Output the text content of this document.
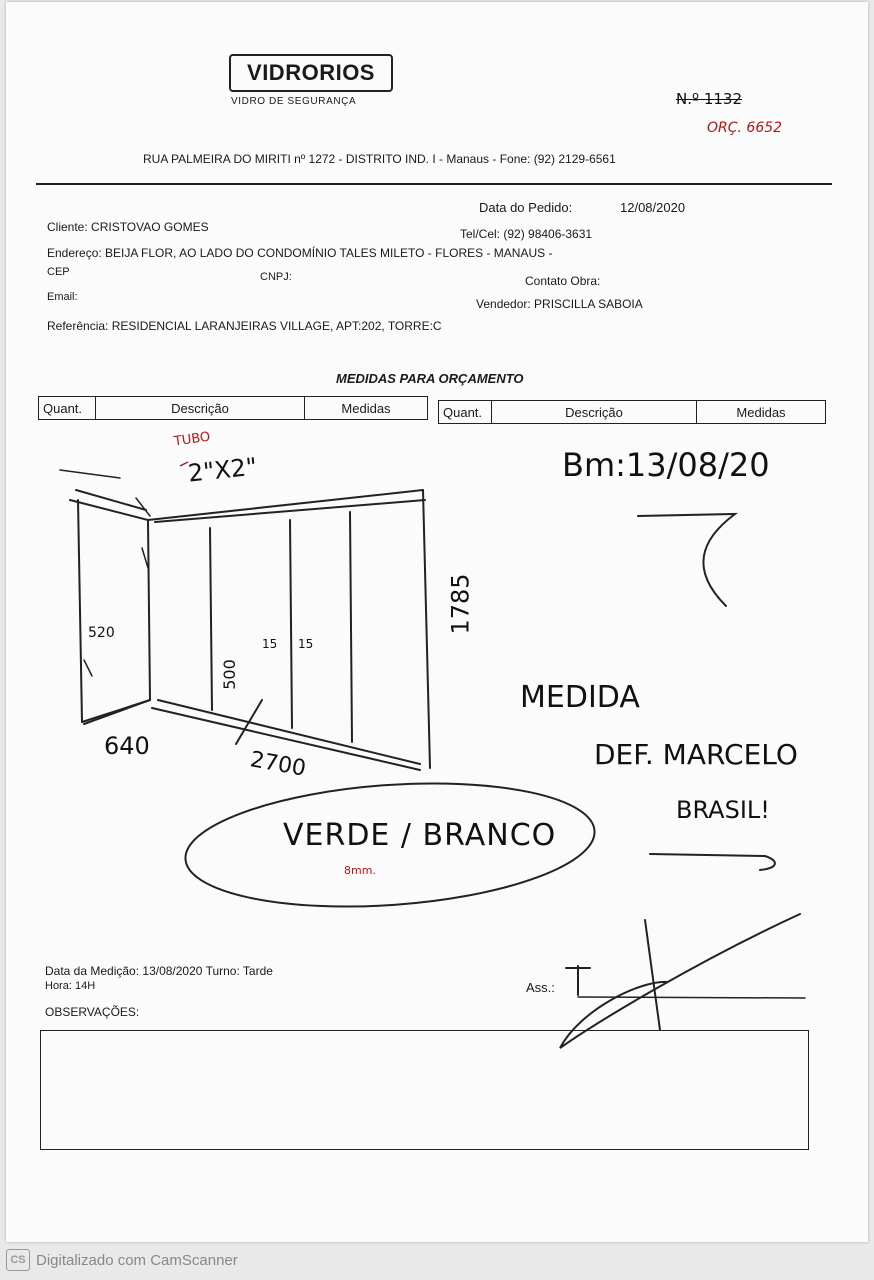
VIDRORIOS
VIDRO DE SEGURANÇA	N.º 1132
ORÇ. 6652
RUA PALMEIRA DO MIRITI nº 1272 - DISTRITO IND. I - Manaus - Fone: (92) 2129-6561
Data do Pedido:	12/08/2020
Cliente: CRISTOVAO GOMES	Tel/Cel: (92) 98406-3631
Endereço: BEIJA FLOR, AO LADO DO CONDOMÍNIO TALES MILETO - FLORES - MANAUS -
CEP	CNPJ:	Contato Obra:
Email:	Vendedor: PRISCILLA SABOIA
Referência: RESIDENCIAL LARANJEIRAS VILLAGE, APT:202, TORRE:C
MEDIDAS PARA ORÇAMENTO
Quant.	Descrição	Medidas	Quant.	Descrição	Medidas
TUBO
2"X2"
1785
2700
640
520
500
15 15
VERDE / BRANCO
8mm.
Bm:13/08/20
MEDIDA
DEF. MARCELO
BRASIL!
Data da Medição: 13/08/2020 Turno: Tarde
Hora: 14H	Ass.:
OBSERVAÇÕES:
CS Digitalizado com CamScanner
